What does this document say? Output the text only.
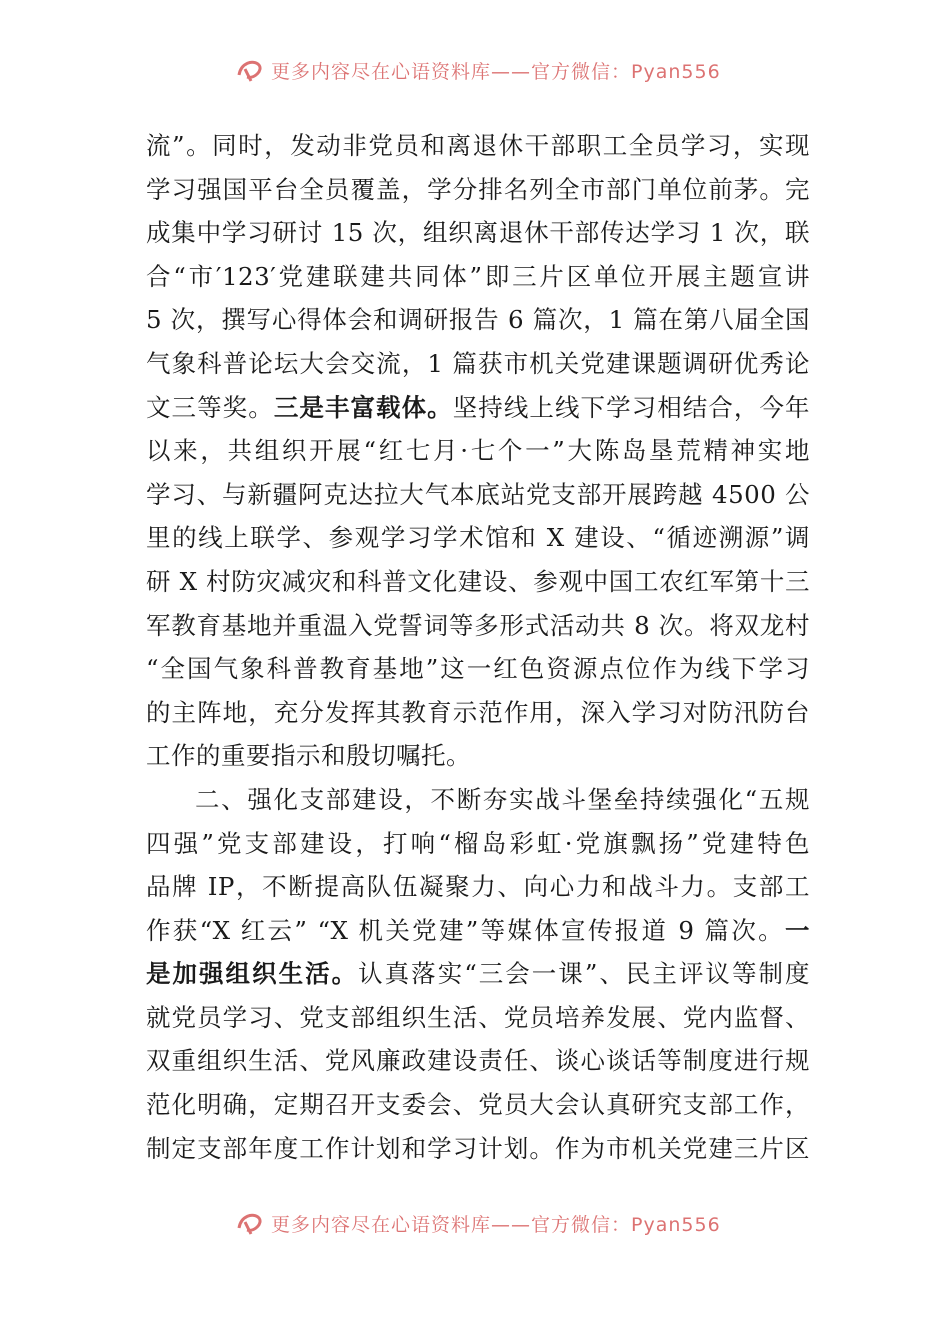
更多内容尽在心语资料库——官方微信：Pyan556

流”。同时，发动非党员和离退休干部职工全员学习，实现
学习强国平台全员覆盖，学分排名列全市部门单位前茅。完
成集中学习研讨 15 次，组织离退休干部传达学习 1 次，联
合“市′123′党建联建共同体”即三片区单位开展主题宣讲
5 次，撰写心得体会和调研报告 6 篇次，1 篇在第八届全国
气象科普论坛大会交流，1 篇获市机关党建课题调研优秀论
文三等奖。三是丰富载体。坚持线上线下学习相结合，今年
以来，共组织开展“红七月·七个一”大陈岛垦荒精神实地
学习、与新疆阿克达拉大气本底站党支部开展跨越 4500 公
里的线上联学、参观学习学术馆和 X 建设、“循迹溯源”调
研 X 村防灾减灾和科普文化建设、参观中国工农红军第十三
军教育基地并重温入党誓词等多形式活动共 8 次。将双龙村
“全国气象科普教育基地”这一红色资源点位作为线下学习
的主阵地，充分发挥其教育示范作用，深入学习对防汛防台
工作的重要指示和殷切嘱托。

二、强化支部建设，不断夯实战斗堡垒持续强化“五规
四强”党支部建设，打响“榴岛彩虹·党旗飘扬”党建特色
品牌 IP，不断提高队伍凝聚力、向心力和战斗力。支部工
作获“X 红云” “X 机关党建”等媒体宣传报道 9 篇次。一
是加强组织生活。认真落实“三会一课”、民主评议等制度
就党员学习、党支部组织生活、党员培养发展、党内监督、
双重组织生活、党风廉政建设责任、谈心谈话等制度进行规
范化明确，定期召开支委会、党员大会认真研究支部工作，
制定支部年度工作计划和学习计划。作为市机关党建三片区

更多内容尽在心语资料库——官方微信：Pyan556
